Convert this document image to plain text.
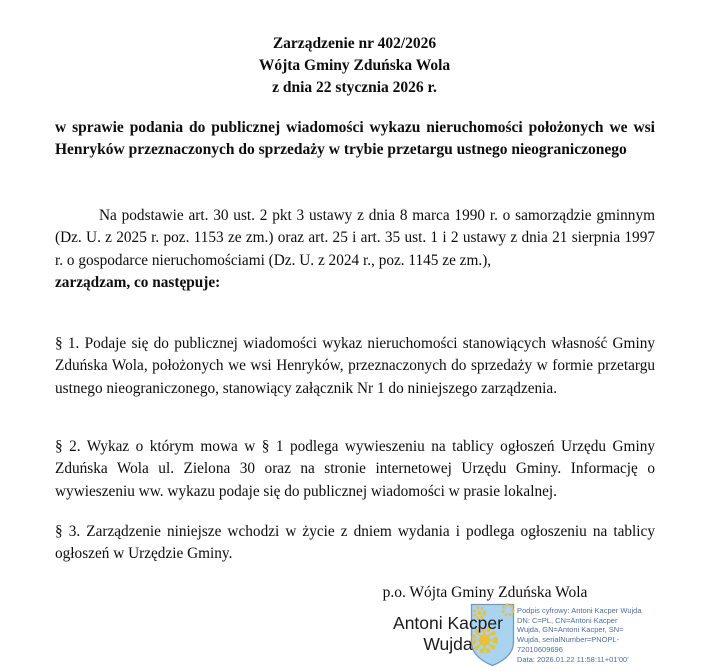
Zarządzenie nr 402/2026
Wójta Gminy Zduńska Wola
z dnia 22 stycznia 2026 r.

w sprawie podania do publicznej wiadomości wykazu nieruchomości położonych we wsi Henryków przeznaczonych do sprzedaży w trybie przetargu ustnego nieograniczonego

Na podstawie art. 30 ust. 2 pkt 3 ustawy z dnia 8 marca 1990 r. o samorządzie gminnym (Dz. U. z 2025 r. poz. 1153 ze zm.) oraz art. 25 i art. 35 ust. 1 i 2 ustawy z dnia 21 sierpnia 1997 r. o gospodarce nieruchomościami (Dz. U. z 2024 r., poz. 1145 ze zm.),
zarządzam, co następuje:

§ 1. Podaje się do publicznej wiadomości wykaz nieruchomości stanowiących własność Gminy Zduńska Wola, położonych we wsi Henryków, przeznaczonych do sprzedaży w formie przetargu ustnego nieograniczonego, stanowiący załącznik Nr 1 do niniejszego zarządzenia.

§ 2. Wykaz o którym mowa w § 1 podlega wywieszeniu na tablicy ogłoszeń Urzędu Gminy Zduńska Wola ul. Zielona 30 oraz na stronie internetowej Urzędu Gminy. Informację o wywieszeniu ww. wykazu podaje się do publicznej wiadomości w prasie lokalnej.

§ 3. Zarządzenie niniejsze wchodzi w życie z dniem wydania i podlega ogłoszeniu na tablicy ogłoszeń w Urzędzie Gminy.

p.o. Wójta Gminy Zduńska Wola
Antoni Kacper Wujda
Podpis cyfrowy: Antoni Kacper Wujda
DN: C=PL, CN=Antoni Kacper
Wujda, GN=Antoni Kacper, SN=
Wujda, serialNumber=PNOPL-
72010609696
Data: 2026.01.22 11:58:11+01'00'
